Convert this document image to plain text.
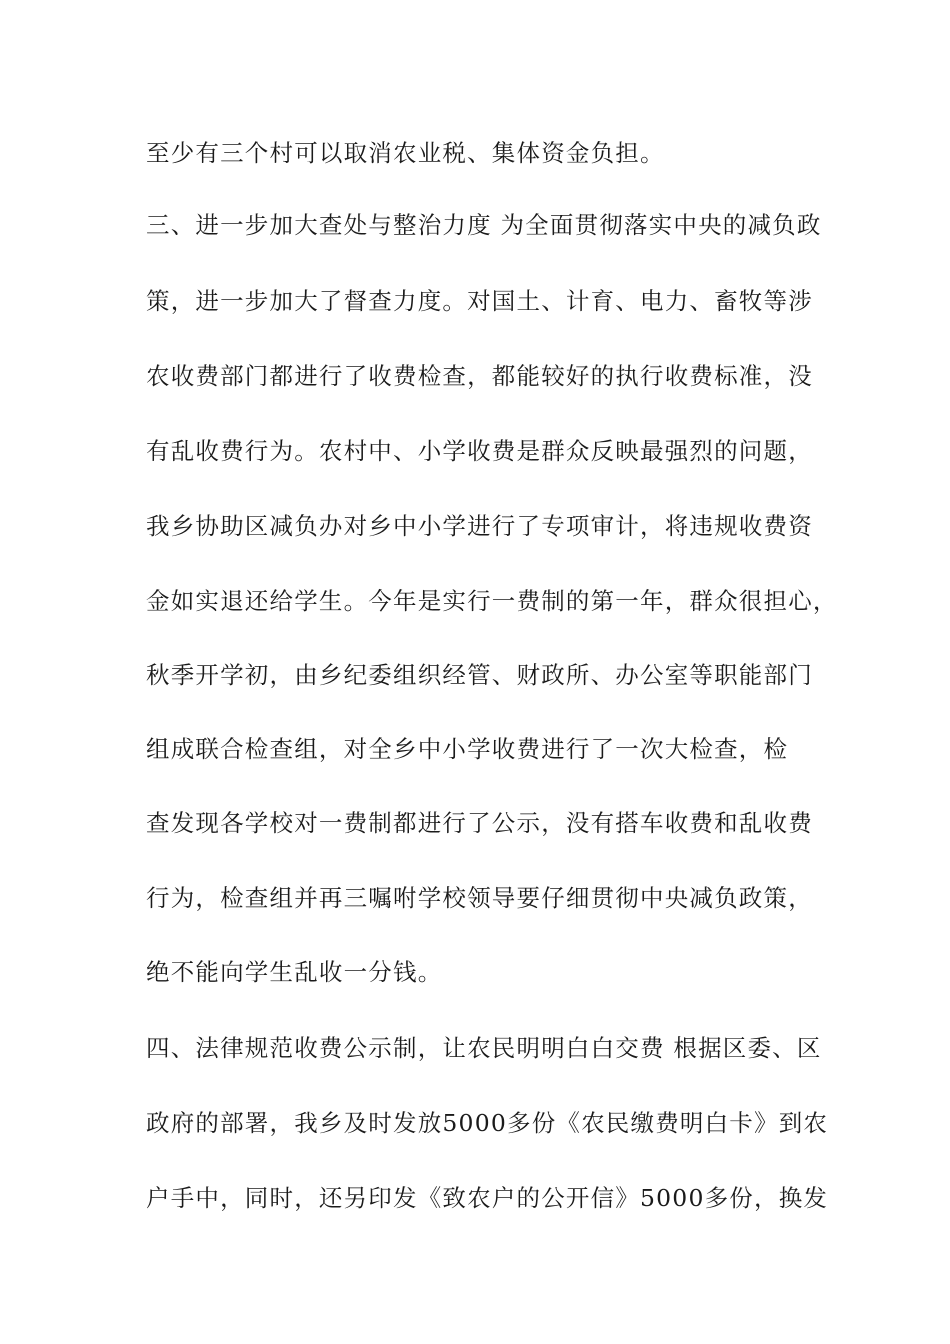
至少有三个村可以取消农业税、集体资金负担。
三、进一步加大查处与整治力度 为全面贯彻落实中央的减负政
策，进一步加大了督查力度。对国土、计育、电力、畜牧等涉
农收费部门都进行了收费检查，都能较好的执行收费标准，没
有乱收费行为。农村中、小学收费是群众反映最强烈的问题，
我乡协助区减负办对乡中小学进行了专项审计，将违规收费资
金如实退还给学生。今年是实行一费制的第一年，群众很担心，
秋季开学初，由乡纪委组织经管、财政所、办公室等职能部门
组成联合检查组，对全乡中小学收费进行了一次大检查，检
查发现各学校对一费制都进行了公示，没有搭车收费和乱收费
行为，检查组并再三嘱咐学校领导要仔细贯彻中央减负政策，
绝不能向学生乱收一分钱。
四、法律规范收费公示制，让农民明明白白交费 根据区委、区
政府的部署，我乡及时发放5000多份《农民缴费明白卡》到农
户手中，同时，还另印发《致农户的公开信》5000多份，换发
